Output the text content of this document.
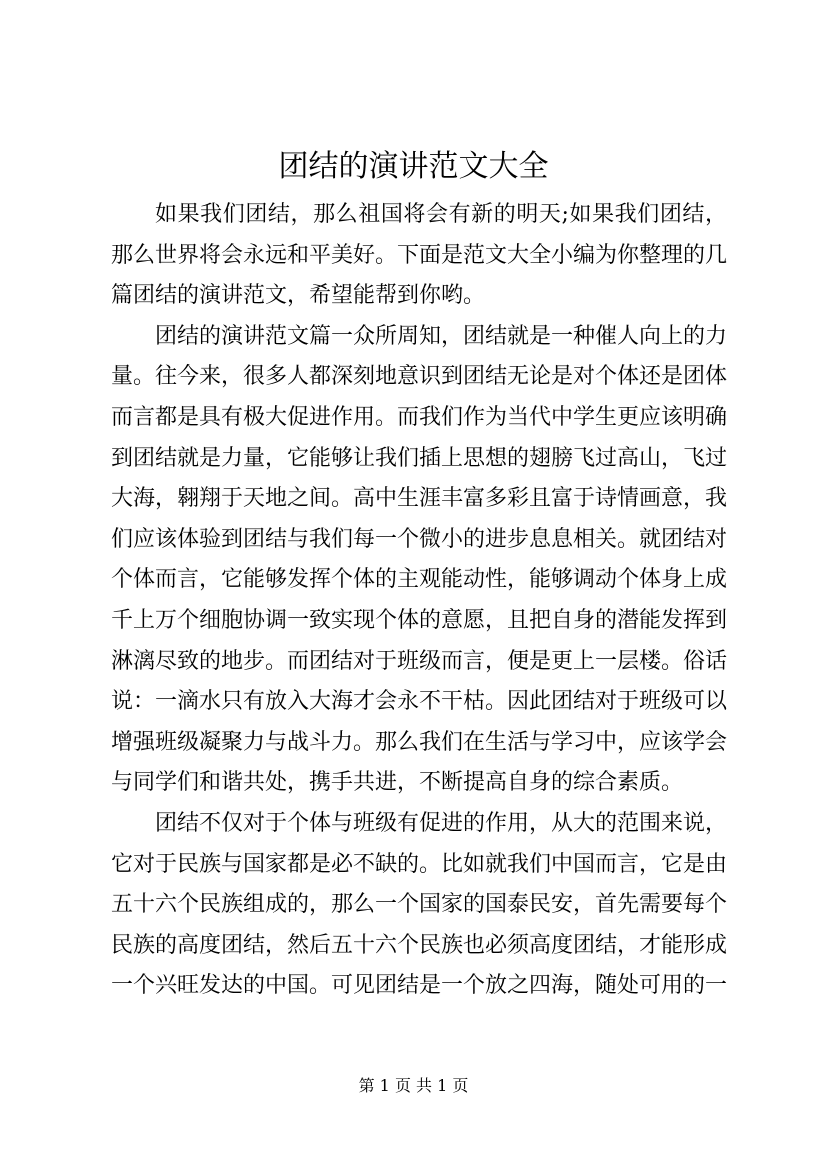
团结的演讲范文大全

如果我们团结，那么祖国将会有新的明天;如果我们团结，那么世界将会永远和平美好。下面是范文大全小编为你整理的几篇团结的演讲范文，希望能帮到你哟。

团结的演讲范文篇一众所周知，团结就是一种催人向上的力量。往今来，很多人都深刻地意识到团结无论是对个体还是团体而言都是具有极大促进作用。而我们作为当代中学生更应该明确到团结就是力量，它能够让我们插上思想的翅膀飞过高山，飞过大海，翱翔于天地之间。高中生涯丰富多彩且富于诗情画意，我们应该体验到团结与我们每一个微小的进步息息相关。就团结对个体而言，它能够发挥个体的主观能动性，能够调动个体身上成千上万个细胞协调一致实现个体的意愿，且把自身的潜能发挥到淋漓尽致的地步。而团结对于班级而言，便是更上一层楼。俗话说：一滴水只有放入大海才会永不干枯。因此团结对于班级可以增强班级凝聚力与战斗力。那么我们在生活与学习中，应该学会与同学们和谐共处，携手共进，不断提高自身的综合素质。

团结不仅对于个体与班级有促进的作用，从大的范围来说，它对于民族与国家都是必不缺的。比如就我们中国而言，它是由五十六个民族组成的，那么一个国家的国泰民安，首先需要每个民族的高度团结，然后五十六个民族也必须高度团结，才能形成一个兴旺发达的中国。可见团结是一个放之四海，随处可用的一

第 1 页 共 1 页
